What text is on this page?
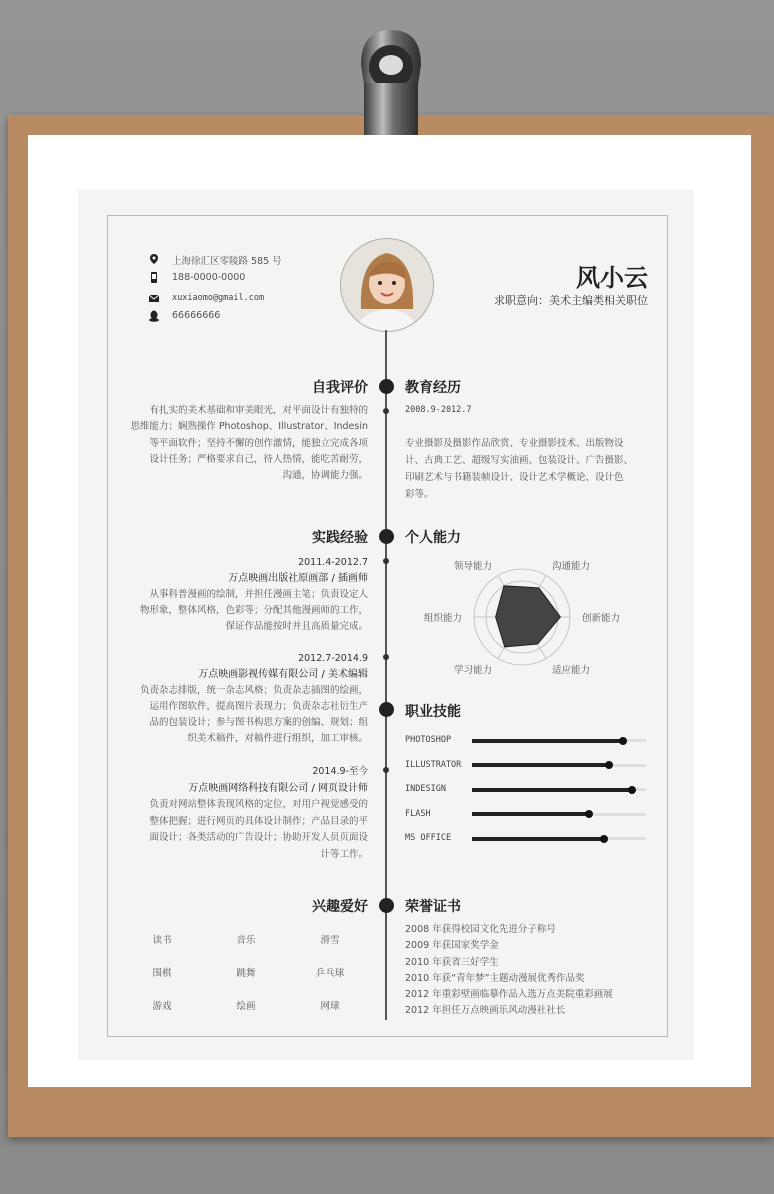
上海徐汇区零陵路 585 号
188-0000-0000
xuxiaomo@gmail.com
66666666
风小云
求职意向：美术主编类相关职位
自我评价	教育经历
实践经验	个人能力
职业技能
兴趣爱好	荣誉证书
有扎实的美术基础和审美眼光，对平面设计有独特的
思维能力；娴熟操作 Photoshop、Illustrator、Indesin
等平面软件；坚持不懈的创作激情，能独立完成各项
设计任务；严格要求自己，待人热情，能吃苦耐劳，
沟通，协调能力强。
2008.9-2012.7
专业摄影及摄影作品欣赏、专业摄影技术、出版物设
计、古典工艺、超级写实油画、包装设计、广告摄影、
印刷艺术与书籍装帧设计、设计艺术学概论、设计色
彩等。
2011.4-2012.7
万点映画出版社原画部 / 插画师
从事科普漫画的绘制，并担任漫画主笔；负责设定人
物形象，整体风格，色彩等；分配其他漫画师的工作，
保证作品能按时并且高质量完成。
2012.7-2014.9
万点映画影视传媒有限公司 / 美术编辑
负责杂志排版，统一杂志风格；负责杂志插图的绘画，
运用作图软件，提高图片表现力；负责杂志社衍生产
品的包装设计；参与图书构思方案的创编、规划；组
织美术稿件，对稿件进行组织，加工审核。
2014.9-至今
万点映画网络科技有限公司 / 网页设计师
负责对网站整体表现风格的定位，对用户视觉感受的
整体把握；进行网页的具体设计制作；产品目录的平
面设计；各类活动的广告设计；协助开发人员页面设
计等工作。
领导能力	沟通能力
创新能力
适应能力
学习能力
组织能力
PHOTOSHOP
ILLUSTRATOR
INDESIGN
FLASH
MS OFFICE
读书	音乐	滑雪
围棋	跳舞	乒乓球
游戏	绘画	网球
2008 年获得校园文化先进分子称号
2009 年获国家奖学金
2010 年获省三好学生
2010 年获“青年梦”主题动漫展优秀作品奖
2012 年重彩壁画临摹作品入选万点美院重彩画展
2012 年担任万点映画乐风动漫社社长
